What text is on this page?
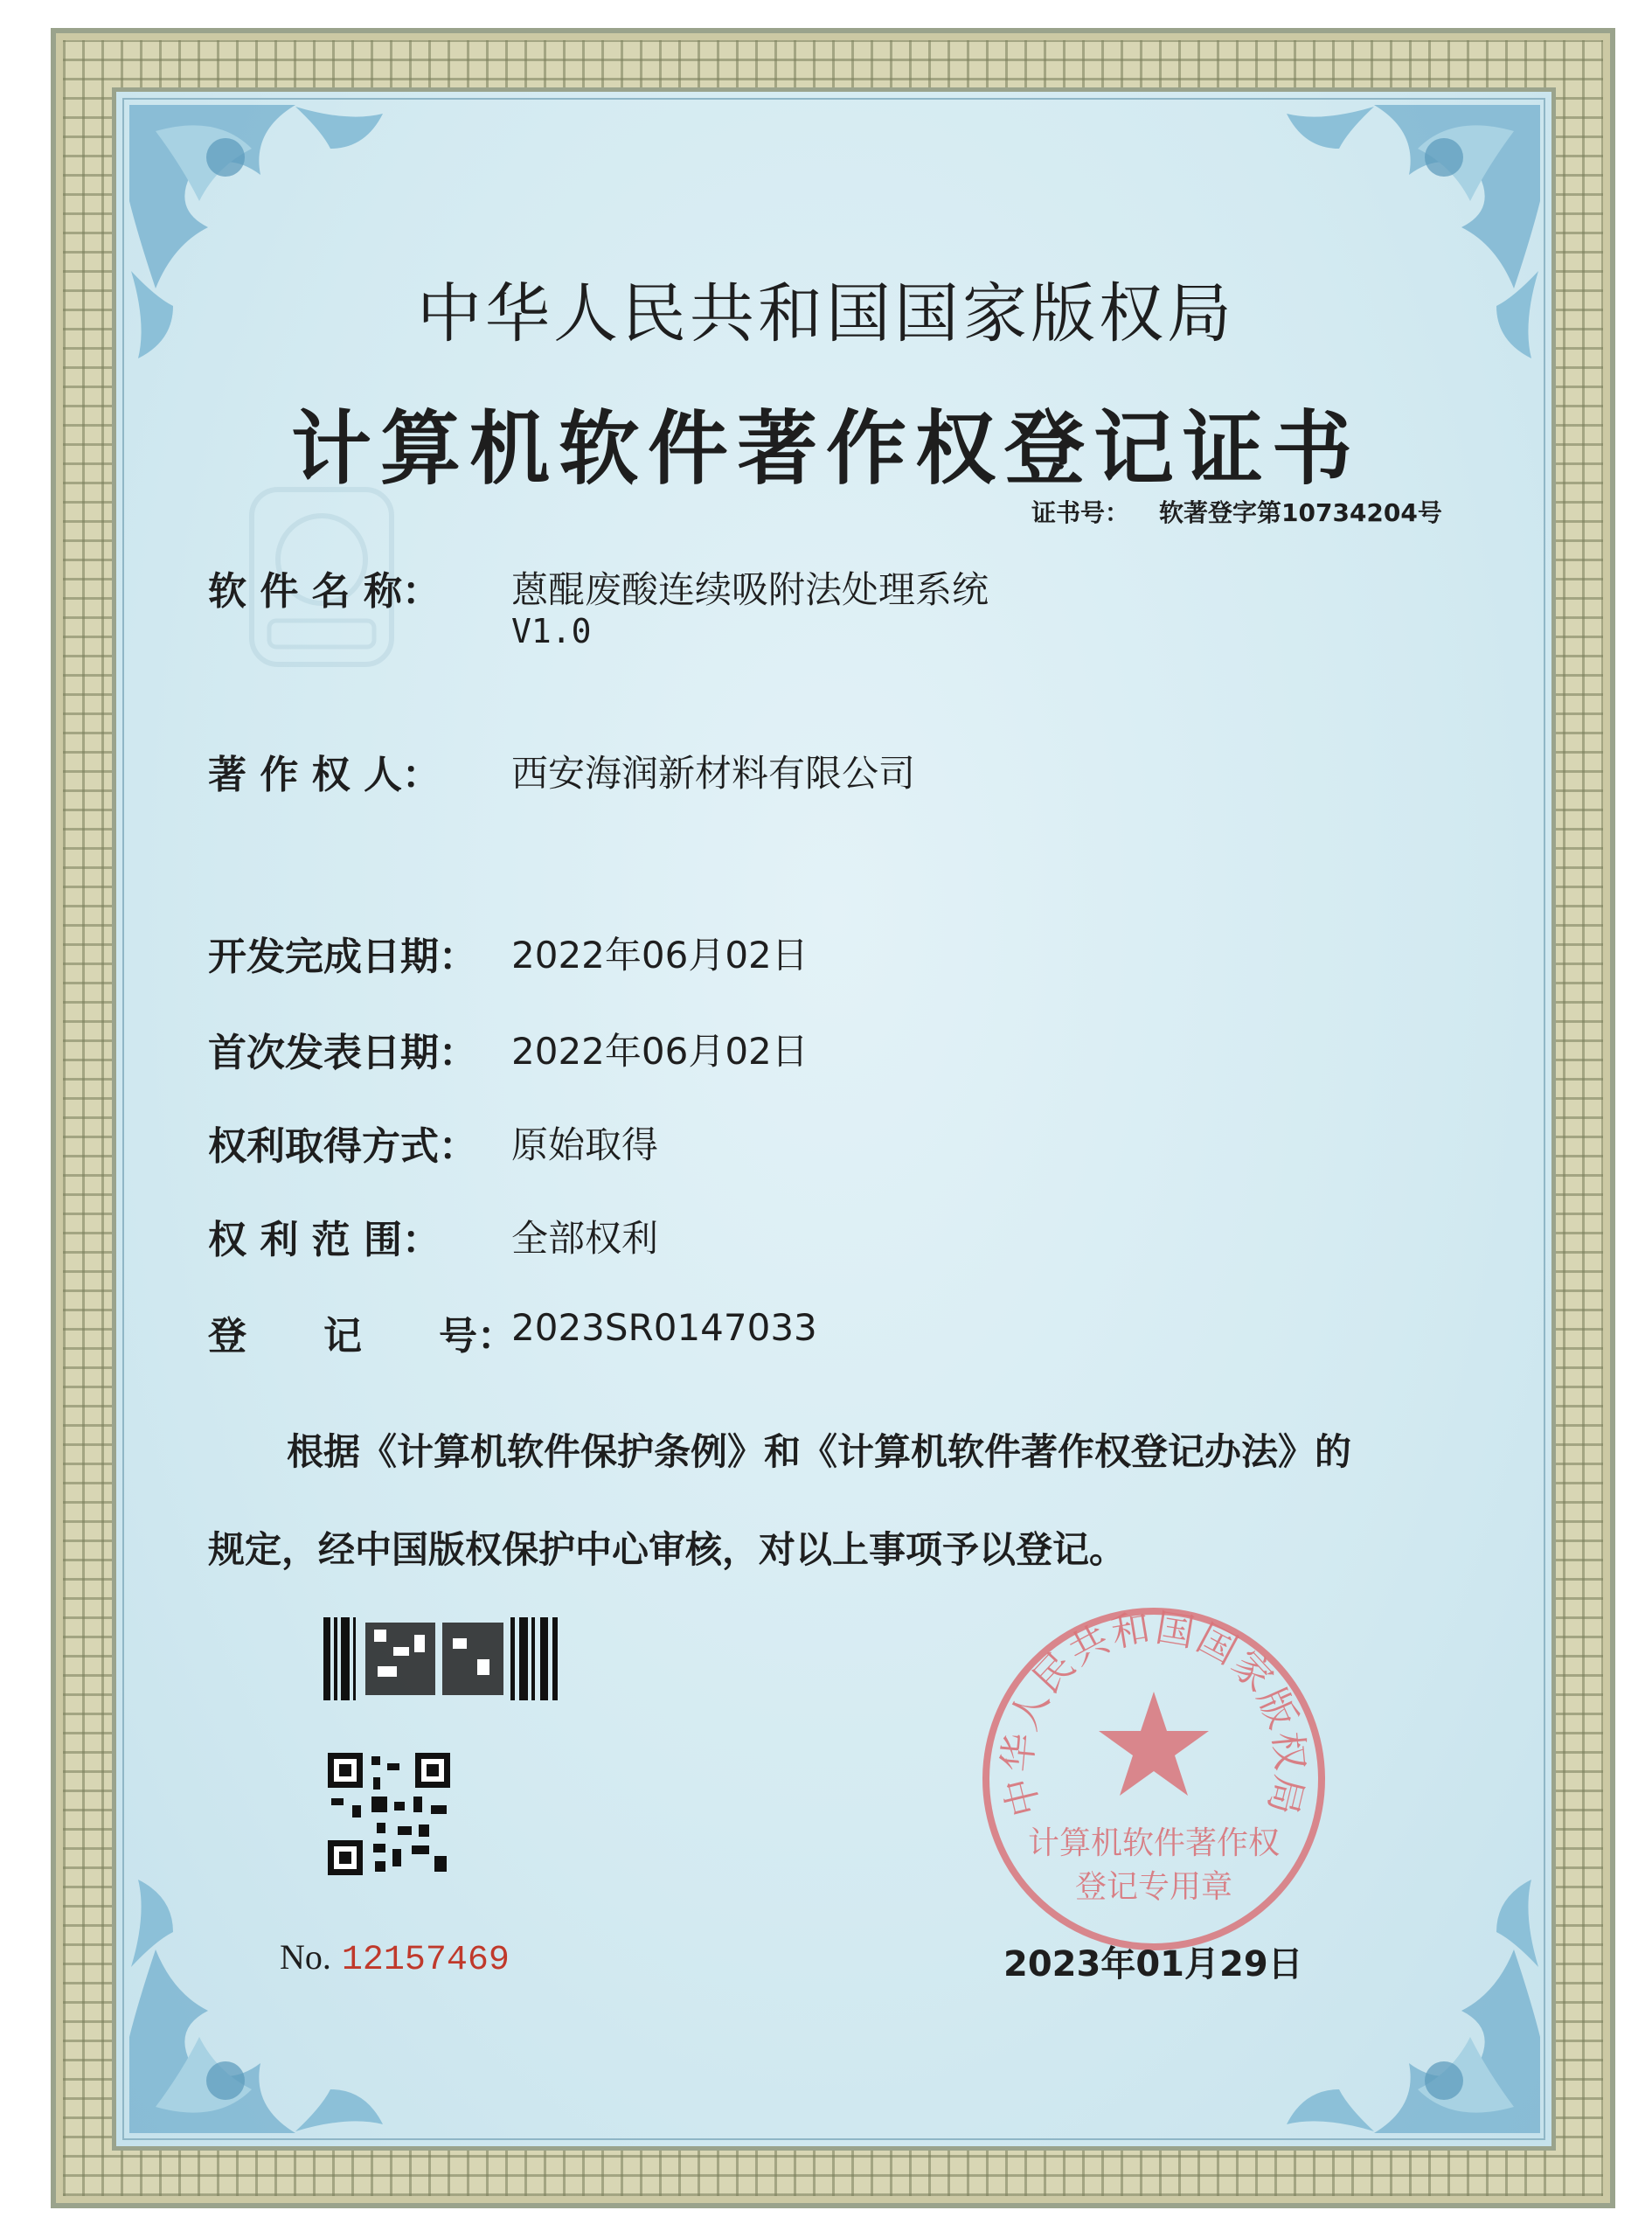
中华人民共和国国家版权局
计算机软件著作权登记证书
证书号： 软著登字第10734204号
软 件 名 称： 蒽醌废酸连续吸附法处理系统
V1.0
著 作 权 人： 西安海润新材料有限公司
开发完成日期： 2022年06月02日
首次发表日期： 2022年06月02日
权利取得方式： 原始取得
权 利 范 围： 全部权利
登　　记　　号：
2023SR0147033
根据《计算机软件保护条例》和《计算机软件著作权登记办法》的
规定，经中国版权保护中心审核，对以上事项予以登记。
No. 12157469
中华人民共和国国家版权局
计算机软件著作权
登记专用章
2023年01月29日
